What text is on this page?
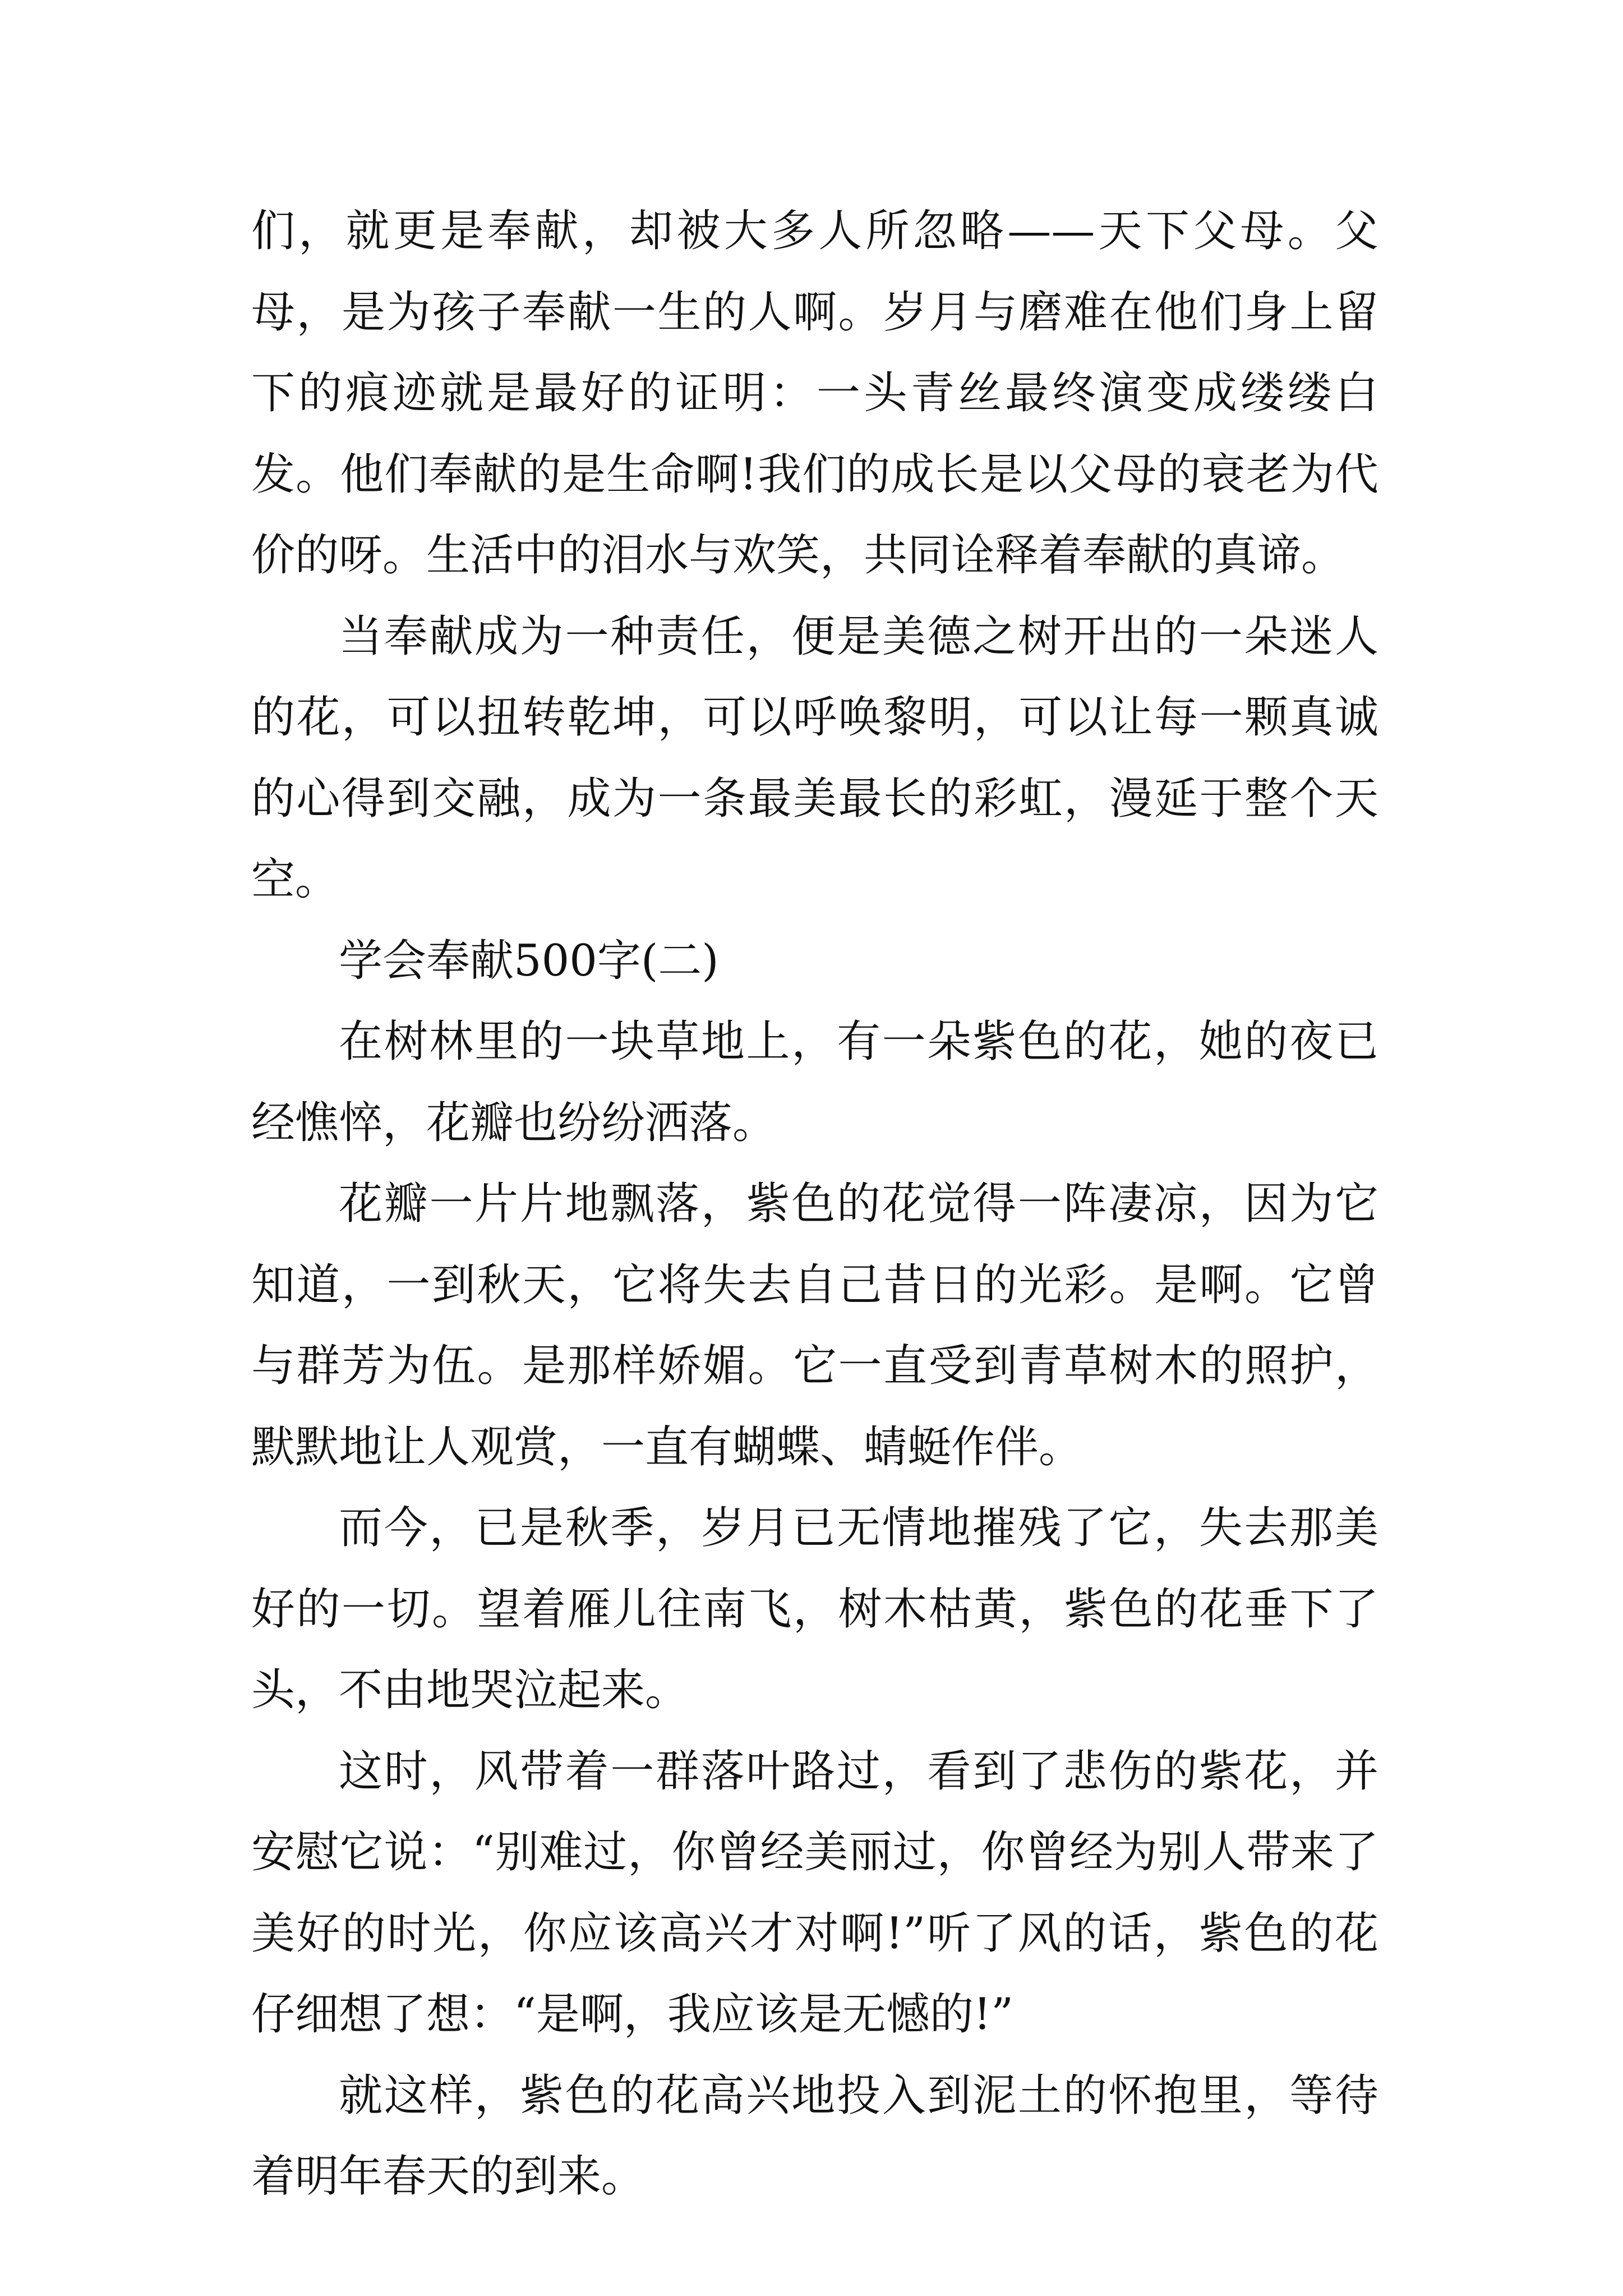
们，就更是奉献，却被大多人所忽略——天下父母。父母，是为孩子奉献一生的人啊。岁月与磨难在他们身上留下的痕迹就是最好的证明：一头青丝最终演变成缕缕白发。他们奉献的是生命啊!我们的成长是以父母的衰老为代价的呀。生活中的泪水与欢笑，共同诠释着奉献的真谛。

当奉献成为一种责任，便是美德之树开出的一朵迷人的花，可以扭转乾坤，可以呼唤黎明，可以让每一颗真诚的心得到交融，成为一条最美最长的彩虹，漫延于整个天空。

学会奉献500字(二)

在树林里的一块草地上，有一朵紫色的花，她的夜已经憔悴，花瓣也纷纷洒落。

花瓣一片片地飘落，紫色的花觉得一阵凄凉，因为它知道，一到秋天，它将失去自己昔日的光彩。是啊。它曾与群芳为伍。是那样娇媚。它一直受到青草树木的照护，默默地让人观赏，一直有蝴蝶、蜻蜓作伴。

而今，已是秋季，岁月已无情地摧残了它，失去那美好的一切。望着雁儿往南飞，树木枯黄，紫色的花垂下了头，不由地哭泣起来。

这时，风带着一群落叶路过，看到了悲伤的紫花，并安慰它说：“别难过，你曾经美丽过，你曾经为别人带来了美好的时光，你应该高兴才对啊!”听了风的话，紫色的花仔细想了想：“是啊，我应该是无憾的!”

就这样，紫色的花高兴地投入到泥土的怀抱里，等待着明年春天的到来。
